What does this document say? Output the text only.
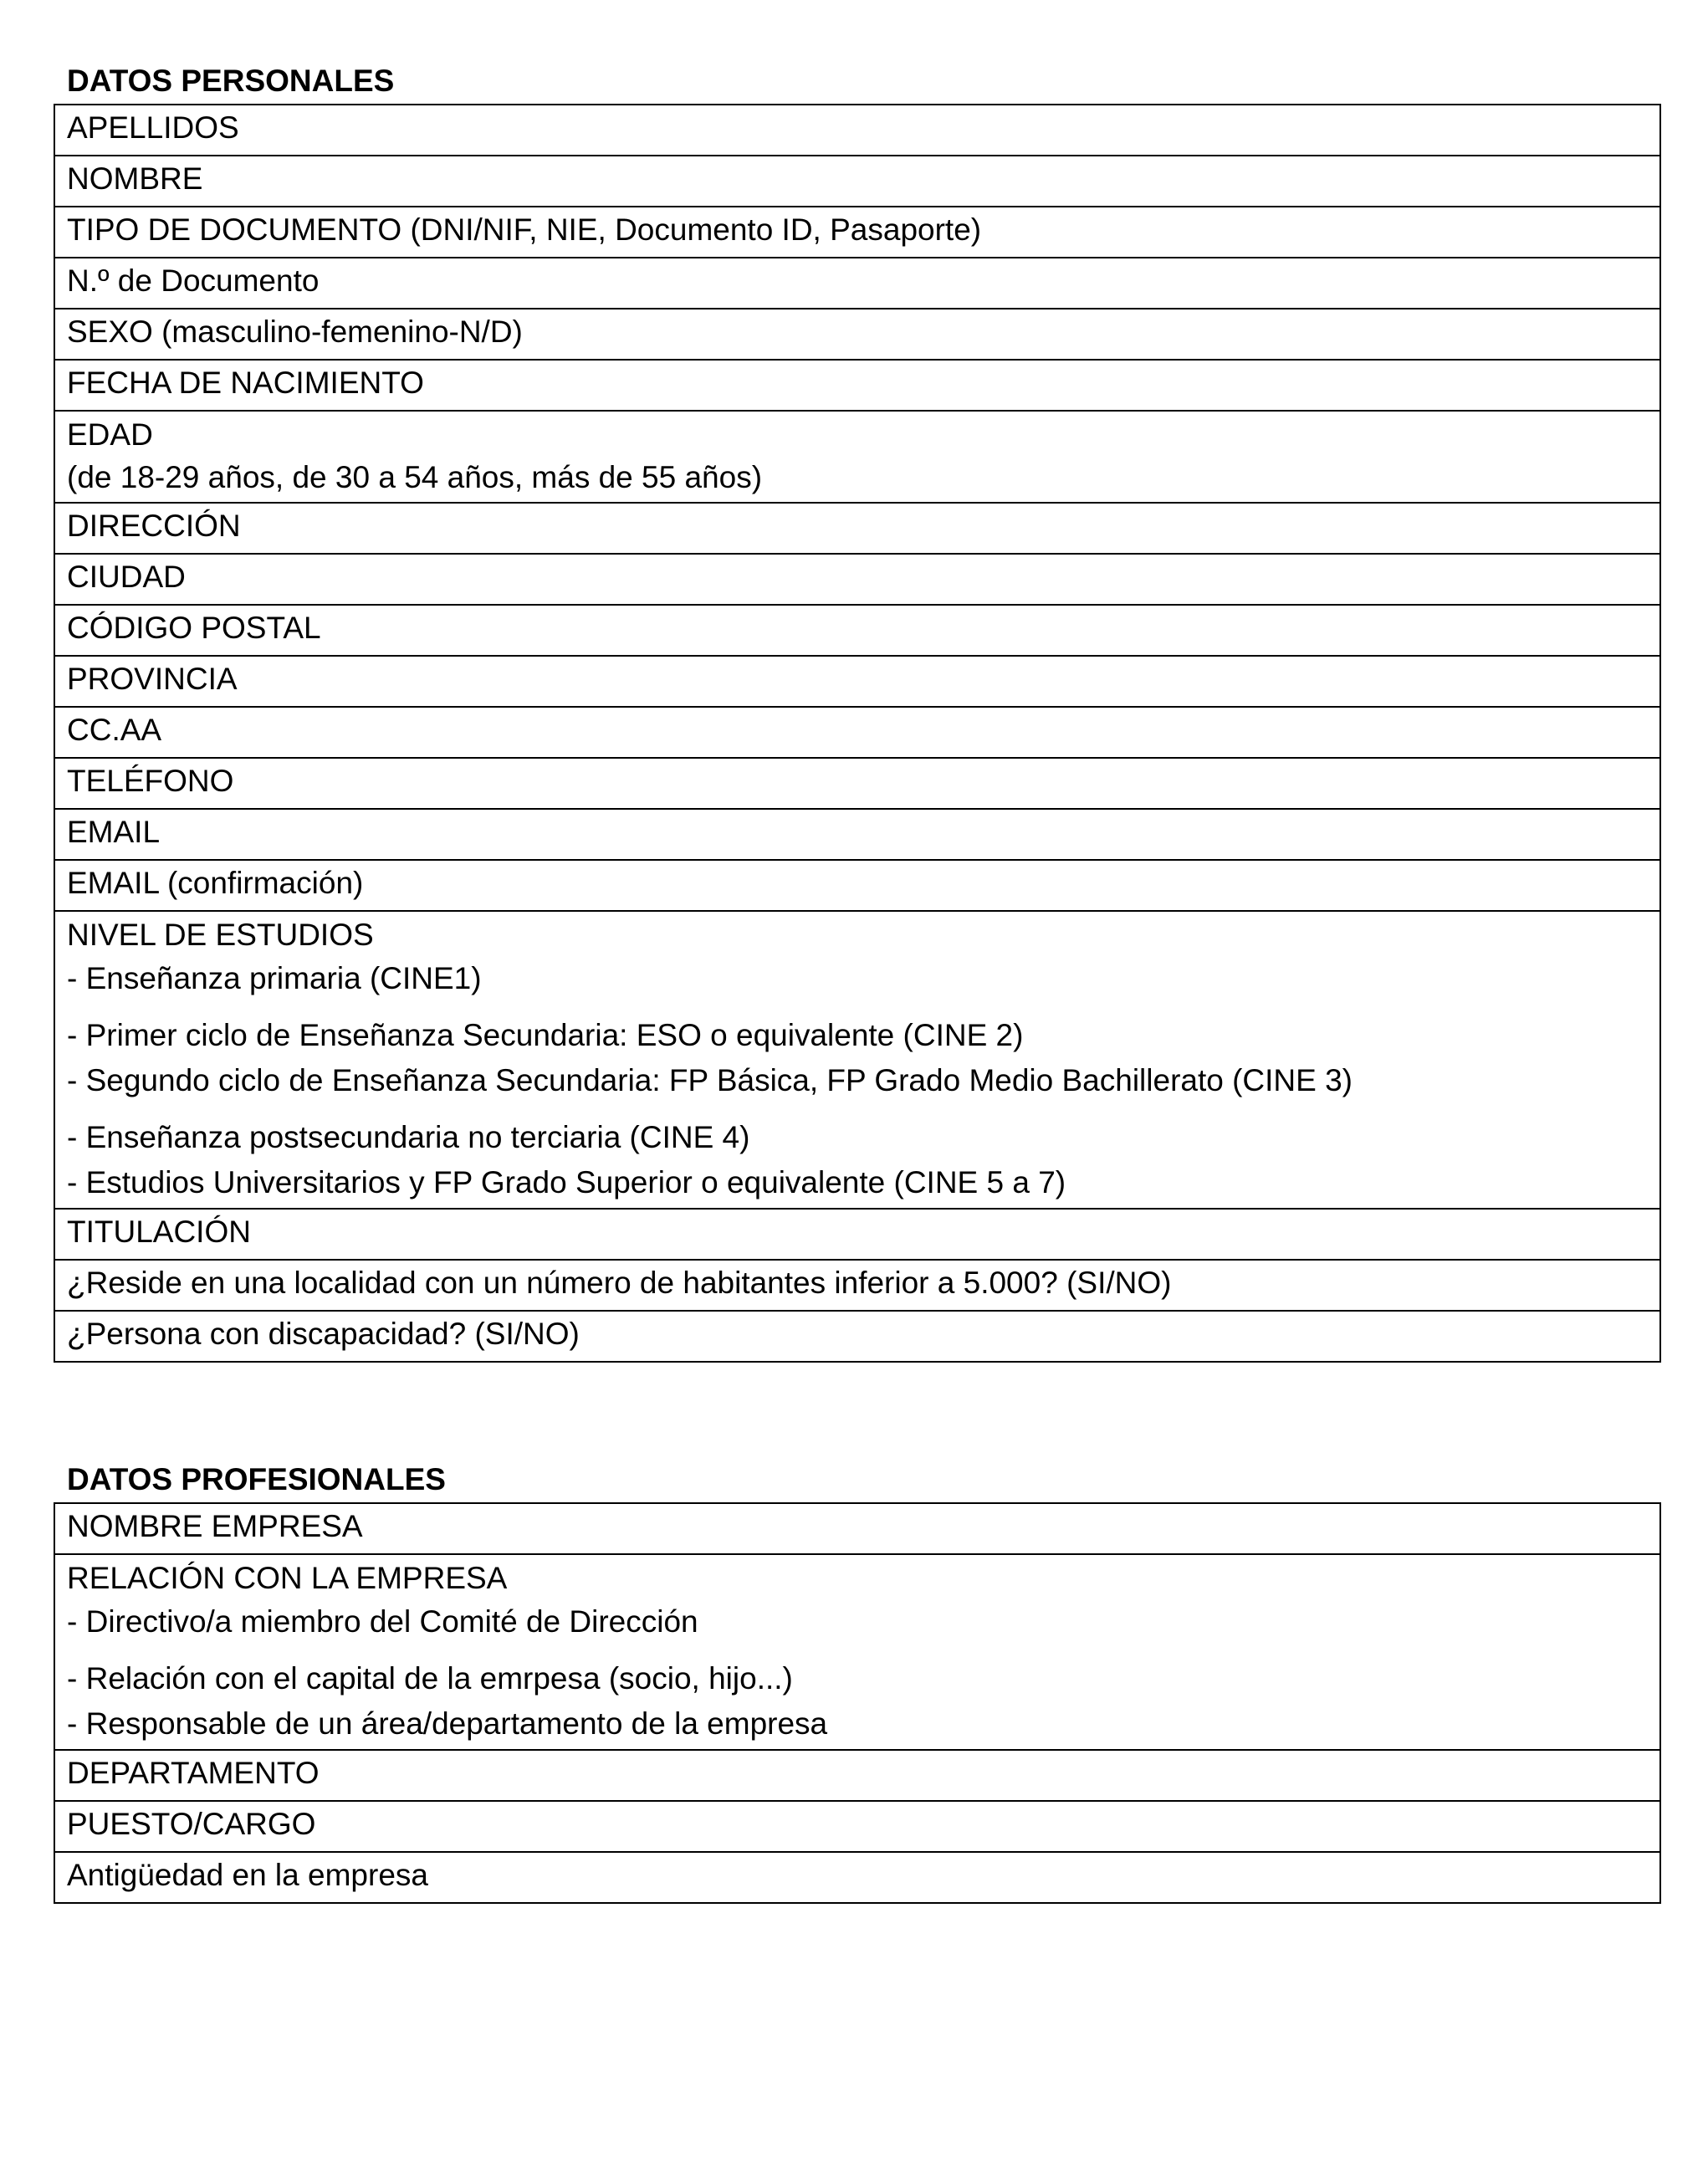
DATOS PERSONALES
APELLIDOS
NOMBRE
TIPO DE DOCUMENTO (DNI/NIF, NIE, Documento ID, Pasaporte)
N.º de Documento
SEXO (masculino-femenino-N/D)
FECHA DE NACIMIENTO

EDAD
(de 18-29 años, de 30 a 54 años, más de 55 años)

DIRECCIÓN
CIUDAD
CÓDIGO POSTAL
PROVINCIA
CC.AA
TELÉFONO
EMAIL
EMAIL (confirmación)

NIVEL DE ESTUDIOS
- Enseñanza primaria (CINE1)
- Primer ciclo de Enseñanza Secundaria: ESO o equivalente (CINE 2)
- Segundo ciclo de Enseñanza Secundaria: FP Básica, FP Grado Medio Bachillerato (CINE 3)
- Enseñanza postsecundaria no terciaria (CINE 4)
- Estudios Universitarios y FP Grado Superior o equivalente (CINE 5 a 7)

TITULACIÓN
¿Reside en una localidad con un número de habitantes inferior a 5.000? (SI/NO)
¿Persona con discapacidad? (SI/NO)
DATOS PROFESIONALES
NOMBRE EMPRESA

RELACIÓN CON LA EMPRESA
- Directivo/a miembro del Comité de Dirección
- Relación con el capital de la emrpesa (socio, hijo...)
- Responsable de un área/departamento de la empresa

DEPARTAMENTO
PUESTO/CARGO
Antigüedad en la empresa
